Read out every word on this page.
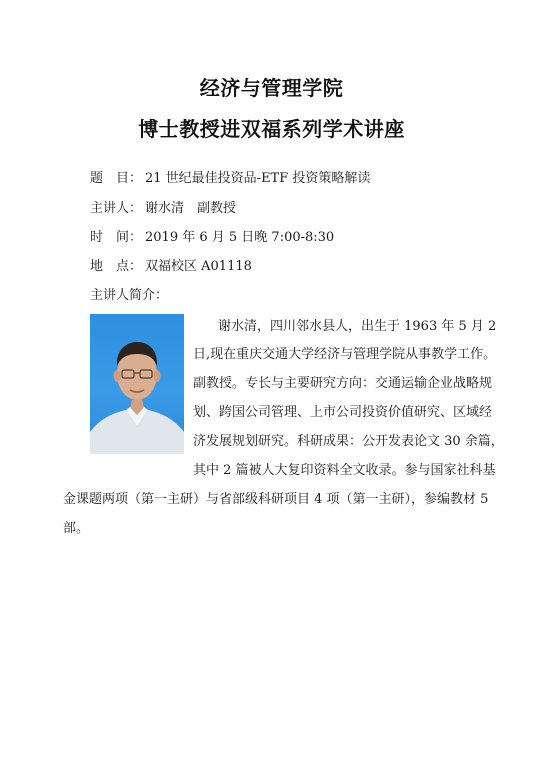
经济与管理学院
博士教授进双福系列学术讲座
题　目： 21 世纪最佳投资品-ETF 投资策略解读
主讲人： 谢水清　副教授
时　间： 2019 年 6 月 5 日晚 7:00-8:30
地　点： 双福校区 A01118
主讲人简介：
谢水清，四川邻水县人，出生于 1963 年 5 月 2
日,现在重庆交通大学经济与管理学院从事教学工作。
副教授。专长与主要研究方向：交通运输企业战略规
划、跨国公司管理、上市公司投资价值研究、区域经
济发展规划研究。科研成果：公开发表论文 30 余篇，
其中 2 篇被人大复印资料全文收录。参与国家社科基
金课题两项（第一主研）与省部级科研项目 4 项（第一主研），参编教材 5
部。
